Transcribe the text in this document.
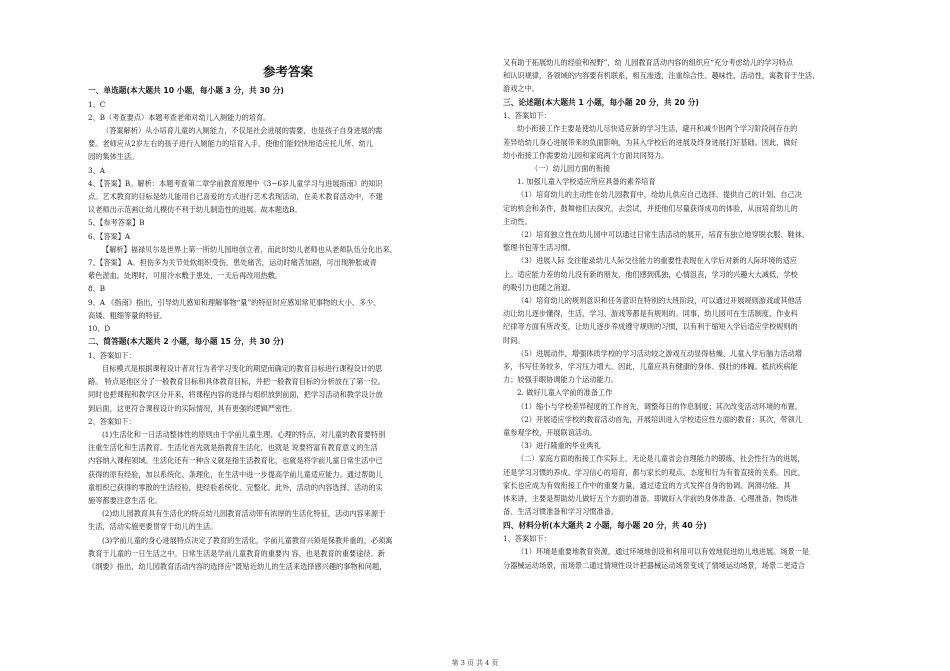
参考答案
一、单选题(本大题共 10 小题，每小题 3 分，共 30 分)
1、C
2、B（考查要点）本题考查老师对幼儿入厕能力的培育。
（答案解析）从小培育儿童的入厕能力，不仅是社会进展的需要，也是孩子自身进展的需
要。老师应从2岁左右的孩子进行入厕能力的培育入手，使他们能较快地适应托儿所、幼儿
园的集体生活。
3、A
4、【答案】B。解析：本题考查第二章学前教育原理中《3~6岁儿童学习与进展指南》的知识
点。艺术教育的目标是幼儿能用自己喜爱的方式进行艺术表现活动，在美术教育活动中，不建
议老师出示范画让幼儿模仿不利于幼儿制造性的进展。故本题选B。
5、【参考答案】B
6、【答案】A
【解析】福禄贝尔是世界上第一所幼儿园地创立者，而此时幼儿老师也从老师队伍分化出来。
7、【答案】 A。担伤多为关节处软组织受伤，患处痛苦，运动时痛苦加剧，可出现肿胀或青
紫色淤血。处理时，可用冷水敷于患处，一天后再改用热敷。
8、B
9、A 《指南》指出，引导幼儿感知和理解事物“量”的特征时应感知常见事物的大小、多少、
高矮、粗细等量的特征。
10、D
二、简答题(本大题共 2 小题，每小题 15 分，共 30 分)
1、答案如下：
目标模式是根据课程设计者对行为者学习变化的期望而确定的教育目标进行课程设计的思
路。 特点是他区分了一般教育目标和具体教育目标，并把一般教育目标的分析放在了第一位。
同时也把课程和教学区分开来，将课程内容的选择与组织放到前面，把学习活动和教学设计放
到后面，这更符合课程设计的实际情况，具有更强的逻辑严密性。
2、答案如下：
(1)生活化和一日活动整体性的原则由于学前儿童生理、心理的特点，对儿童的教育要特别
注重生活化和生活教育。生活化首先就是指教育生活化，也就是 说要将富有教育意义的生活
内容纳入课程领域。生活化还有一种含义就是指生活教育化，也就是将学前儿童日常生活中已
获得的原有经验，加以系统化、条理化，在生活中进一步提高学前儿童适应能力。通过帮助儿
童组织已获得的零散的生活经验，使经验系统化、完整化。此外，活动的内容选择、活动的实
施等都要注意生活 化。
(2)幼儿园教育具有生活化的特点幼儿园教育活动带有浓厚的生活化特征，活动内容来源于
生活，活动实施更要贯穿于幼儿的生活。
(3)学前儿童的身心进展特点决定了教育的生活化，学前儿童教育兴须是保教并重的，必须寓
教育于儿童的一日生活之中。日常生活是学前儿童教育的重要内 容，也是教育的重要途径。新
《纲要》指出，幼儿园教育活动内容的选择应“既贴近幼儿的生活来选择感兴趣的事物和问题，
又有助于拓展幼儿的经验和视野”，幼 儿园教育活动内容的组织应“充分考虑幼儿的学习特点
和认识规律，各领域的内容要有机联系，相互渗透，注重综合性、趣味性、活动性，寓教育于生活、
游戏之中。
三、论述题(本大题共 1 小题，每小题 20 分，共 20 分)
1、答案如下：
幼小衔接工作主要是使幼儿尽快适应新的学习生活，避开和减少因两个学习阶段间存在的
差异给幼儿身心进展带来的负面影响，为其入学校后的进展及终身进展打好基础。因此，做好
幼小衔接工作需要幼儿园和家庭两个方面共同努力。
（一）幼儿园方面的衔接
1. 加强儿童入学校适应所应具备的素养培育
（1）培育幼儿的主动性在幼儿园教育中，给幼儿供应自己选择、提供自己的计划、自己决
定的机会和条件，鼓舞他们去探究、去尝试，并使他们尽量获得成功的体验，从而培育幼儿的
主动性。
（2）培育独立性在幼儿园中可以通过日常生活活动的展开，培育有独立地穿脱衣服、鞋袜、
整理书包等生活习惯。
（3）进展人际 交往能录幼儿人际交往能力的重要性表现在入学后对新的人际环境的适应
上。适应能力差的幼儿没有新的朋友，他们感到孤独，心情沮丧，学习的兴趣大大减低，学校
的吸引力也随之消退。
（4）培育幼儿的规则意识和任务意识在特别的大班阶段，可以通过开展规则游戏或其他活
动让幼儿逐步懂得，生活、学习、游戏等都是有规则的。同事，幼儿园可在生活制度、作业科
纪律等方面有所改变，让幼儿逐步养成遵守规则的习惯，以有利于缩短入学后适应学校规则的
时间。
（5）进展动作，增强体质学校的学习活动较之游戏互动显得枯燥，儿童入学后脑力活动增
多，书写任务较多，学习压力增大。因此，儿童应具有健康的身体、强壮的体魄。抵抗疾病能
力；较强手眼协调能力个运动能力。
2. 做好儿童入学前的准备工作
（1）缩小与学校差异程度的工作首先，调整每日的作息制度；其次改变活动环境的布置。
（2）开展适应学校的教育活动首先，开展培训进入学校适应性方面的教育；其次，带领儿
童参观学校，开展联谊活动。
（3）进行隆重的毕业典礼
（二）家庭方面的衔接工作实际上，无论是儿童省会自理能力的锻炼、社会性行为的进展，
还是学习习惯的养成、学习信心的培育，都与家长的观点、态度和行为有着直接的关系。因此，
家长也应成为有效衔接工作中的重要力量，通过适宜的方式发挥自身的协调、润滑功能。具
体来讲，主要是帮助幼儿做好五个方面的准备，即做好入学前的身体准备、心理准备、物质准
备、生活习惯准备和学习习惯准备。
四、材料分析(本大题共 2 小题，每小题 20 分，共 40 分)
1、答案如下：
（1）环境是重要地教育资源，通过环境地创设和利用可以有效地促进幼儿地进展。场景一是
分器械运动场景，而场景二通过情境性设计把器械运动场景变成了情境运动场景，场景二更适合
第 3 页 共 4 页
